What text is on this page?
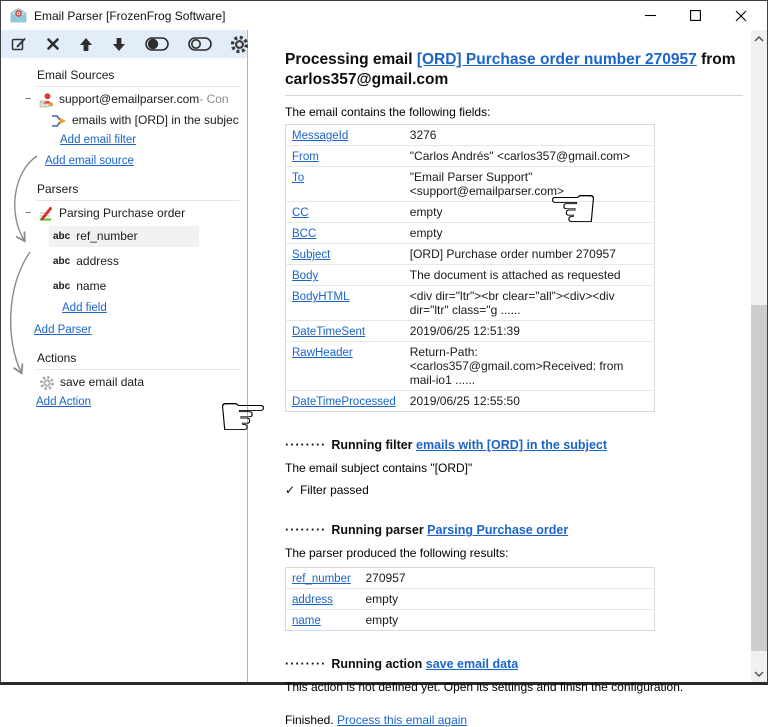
Email Parser [FrozenFrog Software]
Email Sources
−	support@emailparser.com - Con
emails with [ORD] in the subjec
Add email filter
Add email source
Parsers
−	Parsing Purchase order
abc ref_number
abc address
abc name
Add field
Add Parser
Actions
save email data
Add Action
Processing email [ORD] Purchase order number 270957 from
carlos357@gmail.com

The email contains the following fields:

MessageId	3276
From	"Carlos Andrés" <carlos357@gmail.com>
To	"Email Parser Support" <support@emailparser.com>
CC	empty
BCC	empty
Subject	[ORD] Purchase order number 270957
Body	The document is attached as requested
BodyHTML	<div dir="ltr"><br clear="all"><div><div dir="ltr" class="g ......
DateTimeSent	2019/06/25 12:51:39
RawHeader	Return-Path: <carlos357@gmail.com>Received: from mail-io1 ......
DateTimeProcessed	2019/06/25 12:55:50

········ Running filter emails with [ORD] in the subject

The email subject contains "[ORD]"

✓ Filter passed

········ Running parser Parsing Purchase order

The parser produced the following results:

ref_number	270957
address	empty
name	empty

········ Running action save email data

This action is not defined yet. Open its settings and finish the configuration.

Finished. Process this email again

☜
☞
